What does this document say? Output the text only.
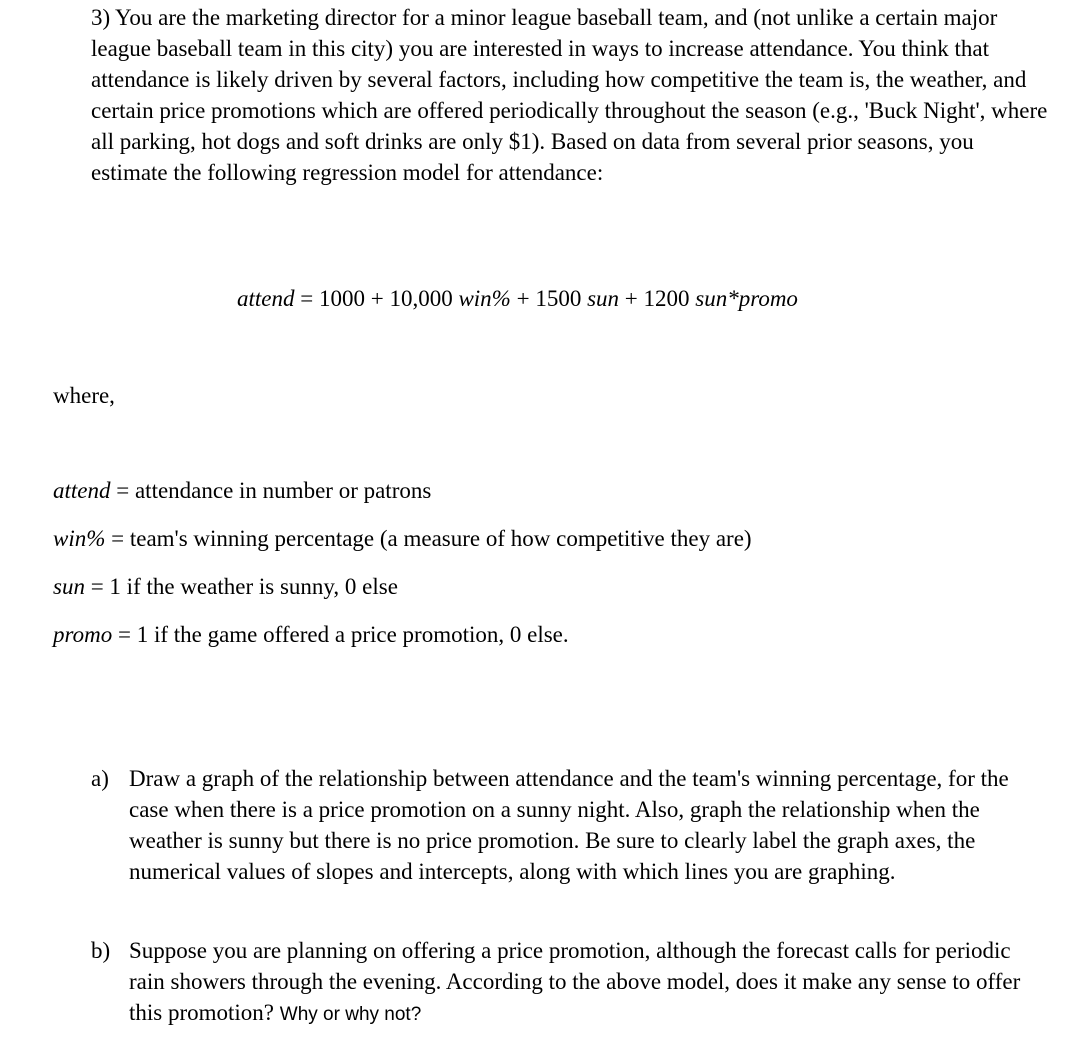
3) You are the marketing director for a minor league baseball team, and (not unlike a certain major league baseball team in this city) you are interested in ways to increase attendance. You think that attendance is likely driven by several factors, including how competitive the team is, the weather, and certain price promotions which are offered periodically throughout the season (e.g., 'Buck Night', where all parking, hot dogs and soft drinks are only $1). Based on data from several prior seasons, you estimate the following regression model for attendance:

attend = 1000 + 10,000 win% + 1500 sun + 1200 sun*promo
where,
attend = attendance in number or patrons
win% = team's winning percentage (a measure of how competitive they are)
sun = 1 if the weather is sunny, 0 else
promo = 1 if the game offered a price promotion, 0 else.
a) Draw a graph of the relationship between attendance and the team's winning percentage, for the case when there is a price promotion on a sunny night. Also, graph the relationship when the weather is sunny but there is no price promotion. Be sure to clearly label the graph axes, the numerical values of slopes and intercepts, along with which lines you are graphing.
b) Suppose you are planning on offering a price promotion, although the forecast calls for periodic rain showers through the evening. According to the above model, does it make any sense to offer this promotion? Why or why not?
